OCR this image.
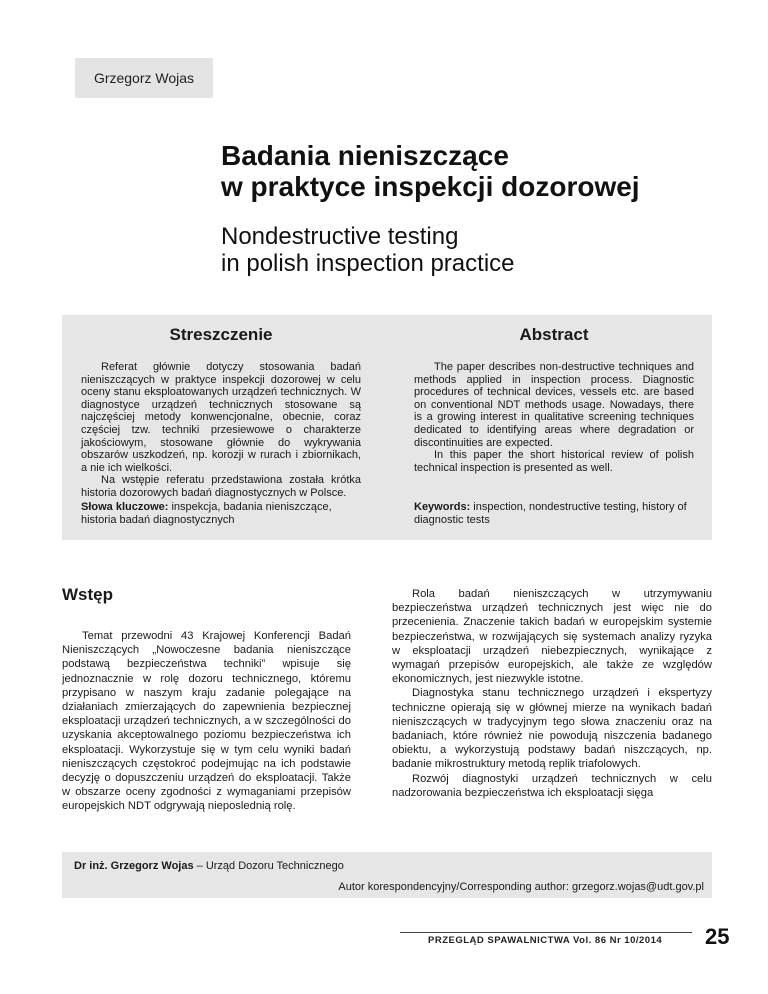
Grzegorz Wojas
Badania nieniszczące
w praktyce inspekcji dozorowej
Nondestructive testing
in polish inspection practice
Streszczenie

Referat głównie dotyczy stosowania badań nieniszczących w praktyce inspekcji dozorowej w celu oceny stanu eksploatowanych urządzeń technicznych. W diagnostyce urządzeń technicznych stosowane są najczęściej metody konwencjonalne, obecnie, coraz częściej tzw. techniki przesiewowe o charakterze jakościowym, stosowane głównie do wykrywania obszarów uszkodzeń, np. korozji w rurach i zbiornikach, a nie ich wielkości.

Na wstępie referatu przedstawiona została krótka historia dozorowych badań diagnostycznych w Polsce.

Abstract

The paper describes non-destructive techniques and methods applied in inspection process. Diagnostic procedures of technical devices, vessels etc. are based on conventional NDT methods usage. Nowadays, there is a growing interest in qualitative screening techniques dedicated to identifying areas where degradation or discontinuities are expected.

In this paper the short historical review of polish technical inspection is presented as well.

Słowa kluczowe: inspekcja, badania nieniszczące, historia badań diagnostycznych
Keywords: inspection, nondestructive testing, history of diagnostic tests
Wstęp

Temat przewodni 43 Krajowej Konferencji Badań Nieniszczących „Nowoczesne badania nieniszczące podstawą bezpieczeństwa techniki” wpisuje się jednoznacznie w rolę dozoru technicznego, któremu przypisano w naszym kraju zadanie polegające na działaniach zmierzających do zapewnienia bezpiecznej eksploatacji urządzeń technicznych, a w szczególności do uzyskania akceptowalnego poziomu bezpieczeństwa ich eksploatacji. Wykorzystuje się w tym celu wyniki badań nieniszczących częstokroć podejmując na ich podstawie decyzję o dopuszczeniu urządzeń do eksploatacji. Także w obszarze oceny zgodności z wymaganiami przepisów europejskich NDT odgrywają nieposlednią rolę.

Rola badań nieniszczących w utrzymywaniu bezpieczeństwa urządzeń technicznych jest więc nie do przecenienia. Znaczenie takich badań w europejskim systemie bezpieczeństwa, w rozwijających się systemach analizy ryzyka w eksploatacji urządzeń niebezpiecznych, wynikające z wymagań przepisów europejskich, ale także ze względów ekonomicznych, jest niezwykle istotne.

Diagnostyka stanu technicznego urządzeń i ekspertyzy techniczne opierają się w głównej mierze na wynikach badań nieniszczących w tradycyjnym tego słowa znaczeniu oraz na badaniach, które również nie powodują niszczenia badanego obiektu, a wykorzystują podstawy badań niszczących, np. badanie mikrostruktury metodą replik triafolowych.

Rozwój diagnostyki urządzeń technicznych w celu nadzorowania bezpieczeństwa ich eksploatacji sięga

Dr inż. Grzegorz Wojas – Urząd Dozoru Technicznego
Autor korespondencyjny/Corresponding author: grzegorz.wojas@udt.gov.pl
PRZEGLĄD SPAWALNICTWA Vol. 86 Nr 10/2014 25
